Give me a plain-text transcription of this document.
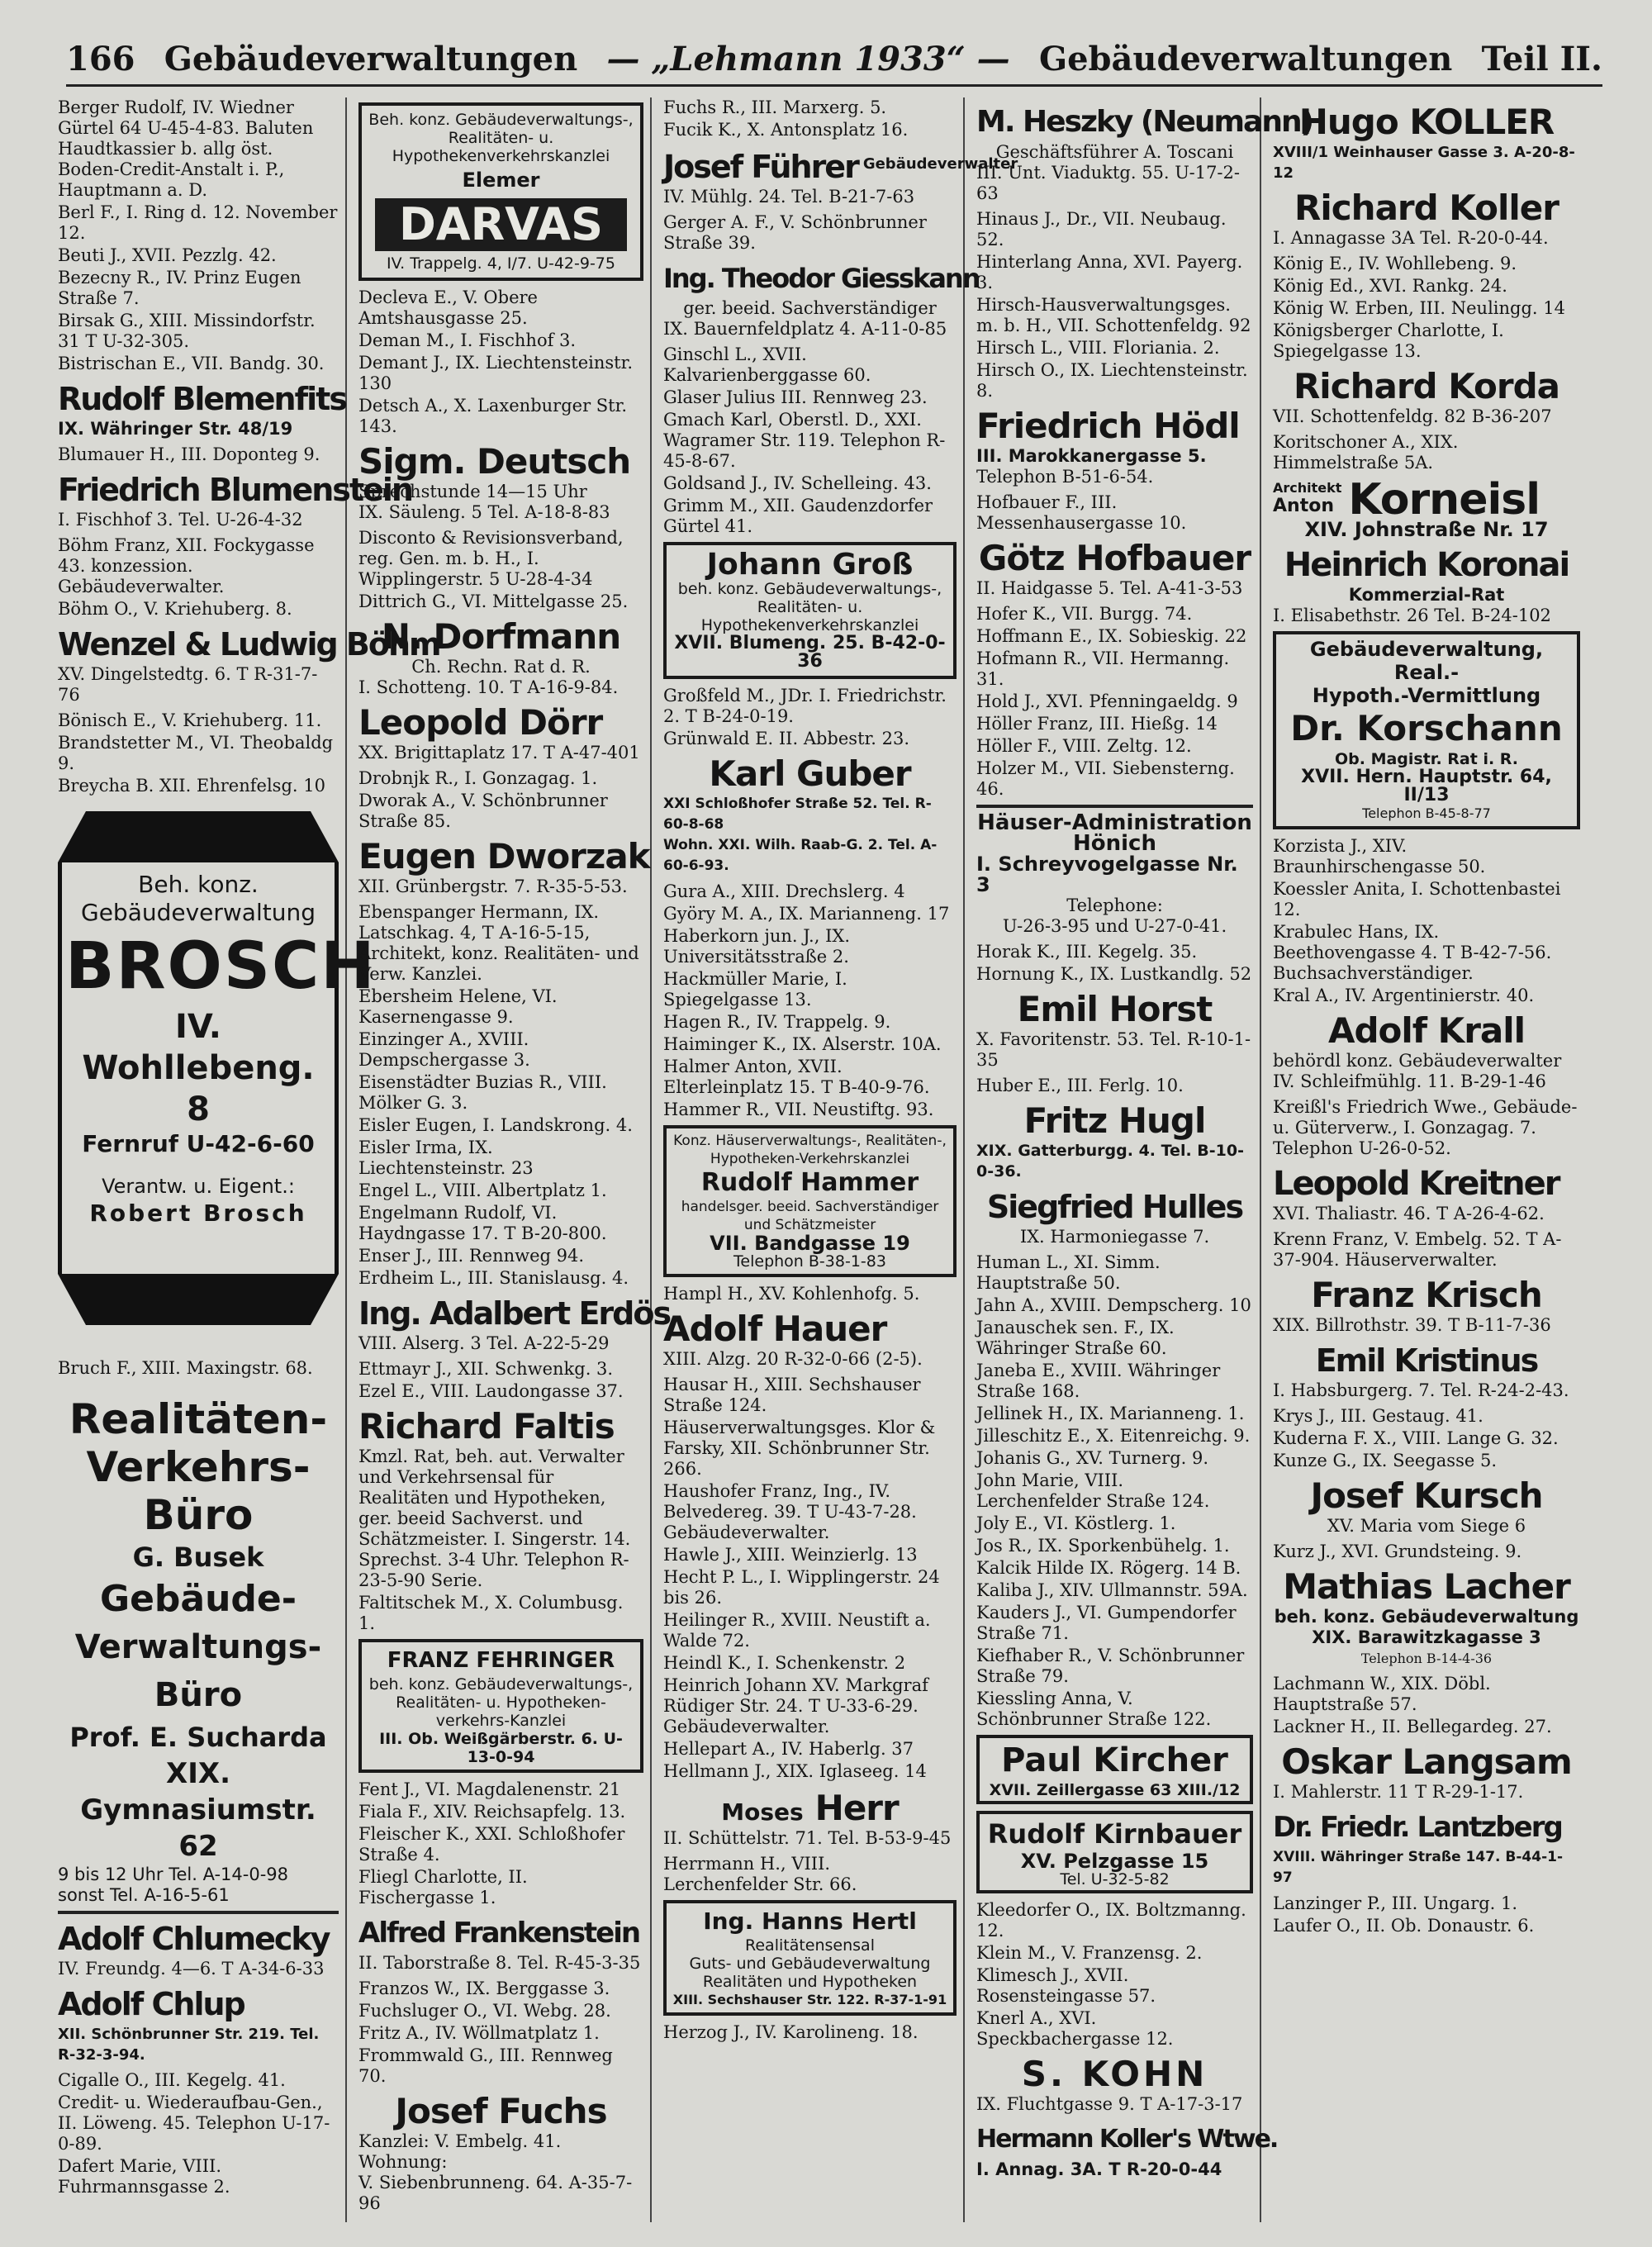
166 Gebäudeverwaltungen — „Lehmann 1933“ — Gebäudeverwaltungen Teil II.

Berger Rudolf, IV. Wiedner Gürtel 64 U-45-4-83. Baluten Haudtkassier b. allg öst. Boden-Credit-Anstalt i. P., Hauptmann a. D.

Berl F., I. Ring d. 12. November 12.

Beuti J., XVII. Pezzlg. 42.

Bezecny R., IV. Prinz Eugen Straße 7.

Birsak G., XIII. Missindorfstr. 31 T U-32-305.

Bistrischan E., VII. Bandg. 30.

Rudolf Blemenfits
IX. Währinger Str. 48/19

Blumauer H., III. Doponteg 9.

Friedrich Blumenstein
I. Fischhof 3. Tel. U-26-4-32

Böhm Franz, XII. Fockygasse 43. konzession. Gebäudeverwalter.

Böhm O., V. Kriehuberg. 8.

Wenzel & Ludwig Böhm
XV. Dingelstedtg. 6. T R-31-7-76

Bönisch E., V. Kriehuberg. 11.

Brandstetter M., VI. Theobaldg 9.

Breycha B. XII. Ehrenfelsg. 10

Beh. konz.
Gebäudeverwaltung
BROSCH
IV. Wohllebeng. 8
Fernruf U-42-6-60
Verantw. u. Eigent.:
Robert Brosch

Bruch F., XIII. Maxingstr. 68.

Realitäten-
Verkehrs-Büro
G. Busek
Gebäude-
Verwaltungs-Büro
Prof. E. Sucharda
XIX. Gymnasiumstr. 62
9 bis 12 Uhr Tel. A-14-0-98
sonst Tel. A-16-5-61
Adolf Chlumecky
IV. Freundg. 4—6. T A-34-6-33
Adolf Chlup
XII. Schönbrunner Str. 219. Tel. R-32-3-94.

Cigalle O., III. Kegelg. 41.

Credit- u. Wiederaufbau-Gen., II. Löweng. 45. Telephon U-17-0-89.

Dafert Marie, VIII. Fuhrmannsgasse 2.

Beh. konz. Gebäudeverwaltungs-,
Realitäten- u. Hypothekenverkehrskanzlei
Elemer
DARVAS
IV. Trappelg. 4, I/7. U-42-9-75

Decleva E., V. Obere Amtshausgasse 25.

Deman M., I. Fischhof 3.

Demant J., IX. Liechtensteinstr. 130

Detsch A., X. Laxenburger Str. 143.

Sigm. Deutsch
Sprechstunde 14—15 Uhr
IX. Säuleng. 5 Tel. A-18-8-83

Disconto & Revisionsverband, reg. Gen. m. b. H., I. Wipplingerstr. 5 U-28-4-34

Dittrich G., VI. Mittelgasse 25.

N. Dorfmann
Ch. Rechn. Rat d. R.
I. Schotteng. 10. T A-16-9-84.
Leopold Dörr
XX. Brigittaplatz 17. T A-47-401

Drobnjk R., I. Gonzagag. 1.

Dworak A., V. Schönbrunner Straße 85.

Eugen Dworzak
XII. Grünbergstr. 7. R-35-5-53.

Ebenspanger Hermann, IX. Latschkag. 4, T A-16-5-15, Architekt, konz. Realitäten- und Verw. Kanzlei.

Ebersheim Helene, VI. Kasernengasse 9.

Einzinger A., XVIII. Dempschergasse 3.

Eisenstädter Buzias R., VIII. Mölker G. 3.

Eisler Eugen, I. Landskrong. 4.

Eisler Irma, IX. Liechtensteinstr. 23

Engel L., VIII. Albertplatz 1.

Engelmann Rudolf, VI. Haydngasse 17. T B-20-800.

Enser J., III. Rennweg 94.

Erdheim L., III. Stanislausg. 4.

Ing. Adalbert Erdös
VIII. Alserg. 3 Tel. A-22-5-29

Ettmayr J., XII. Schwenkg. 3.

Ezel E., VIII. Laudongasse 37.

Richard Faltis

Kmzl. Rat, beh. aut. Verwalter und Verkehrsensal für Realitäten und Hypotheken, ger. beeid Sachverst. und Schätzmeister. I. Singerstr. 14. Sprechst. 3-4 Uhr. Telephon R-23-5-90 Serie.

Faltitschek M., X. Columbusg. 1.

FRANZ FEHRINGER
beh. konz. Gebäudeverwaltungs-,
Realitäten- u. Hypotheken-
verkehrs-Kanzlei
III. Ob. Weißgärberstr. 6. U-13-0-94

Fent J., VI. Magdalenenstr. 21

Fiala F., XIV. Reichsapfelg. 13.

Fleischer K., XXI. Schloßhofer Straße 4.

Fliegl Charlotte, II. Fischergasse 1.

Alfred Frankenstein
II. Taborstraße 8. Tel. R-45-3-35

Franzos W., IX. Berggasse 3.

Fuchsluger O., VI. Webg. 28.

Fritz A., IV. Wöllmatplatz 1.

Frommwald G., III. Rennweg 70.

Josef Fuchs
Kanzlei: V. Embelg. 41. Wohnung:
V. Siebenbrunneng. 64. A-35-7-96

Fuchs R., III. Marxerg. 5.

Fucik K., X. Antonsplatz 16.

Josef Führer Gebäudeverwalter
IV. Mühlg. 24. Tel. B-21-7-63

Gerger A. F., V. Schönbrunner Straße 39.

Ing. Theodor Giesskann
ger. beeid. Sachverständiger
IX. Bauernfeldplatz 4. A-11-0-85

Ginschl L., XVII. Kalvarienberggasse 60.

Glaser Julius III. Rennweg 23.

Gmach Karl, Oberstl. D., XXI. Wagramer Str. 119. Telephon R-45-8-67.

Goldsand J., IV. Schelleing. 43.

Grimm M., XII. Gaudenzdorfer Gürtel 41.

Johann Groß
beh. konz. Gebäudeverwaltungs-,
Realitäten- u. Hypothekenverkehrskanzlei
XVII. Blumeng. 25. B-42-0-36

Großfeld M., JDr. I. Friedrichstr. 2. T B-24-0-19.

Grünwald E. II. Abbestr. 23.

Karl Guber
XXI Schloßhofer Straße 52. Tel. R-60-8-68
Wohn. XXI. Wilh. Raab-G. 2. Tel. A-60-6-93.

Gura A., XIII. Drechslerg. 4

Györy M. A., IX. Marianneng. 17

Haberkorn jun. J., IX. Universitätsstraße 2.

Hackmüller Marie, I. Spiegelgasse 13.

Hagen R., IV. Trappelg. 9.

Haiminger K., IX. Alserstr. 10A.

Halmer Anton, XVII. Elterleinplatz 15. T B-40-9-76.

Hammer R., VII. Neustiftg. 93.

Konz. Häuserverwaltungs-, Realitäten-, Hypotheken-Verkehrskanzlei
Rudolf Hammer
handelsger. beeid. Sachverständiger und Schätzmeister
VII. Bandgasse 19
Telephon B-38-1-83

Hampl H., XV. Kohlenhofg. 5.

Adolf Hauer
XIII. Alzg. 20 R-32-0-66 (2-5).

Hausar H., XIII. Sechshauser Straße 124.

Häuserverwaltungsges. Klor & Farsky, XII. Schönbrunner Str. 266.

Haushofer Franz, Ing., IV. Belvedereg. 39. T U-43-7-28. Gebäudeverwalter.

Hawle J., XIII. Weinzierlg. 13

Hecht P. L., I. Wipplingerstr. 24 bis 26.

Heilinger R., XVIII. Neustift a. Walde 72.

Heindl K., I. Schenkenstr. 2

Heinrich Johann XV. Markgraf Rüdiger Str. 24. T U-33-6-29. Gebäudeverwalter.

Hellepart A., IV. Haberlg. 37

Hellmann J., XIX. Iglaseeg. 14

Moses Herr
II. Schüttelstr. 71. Tel. B-53-9-45

Herrmann H., VIII. Lerchenfelder Str. 66.

Ing. Hanns Hertl
Realitätensensal
Guts- und Gebäudeverwaltung
Realitäten und Hypotheken
XIII. Sechshauser Str. 122. R-37-1-91

Herzog J., IV. Karolineng. 18.

M. Heszky (Neumann)
Geschäftsführer A. Toscani
III. Unt. Viaduktg. 55. U-17-2-63

Hinaus J., Dr., VII. Neubaug. 52.

Hinterlang Anna, XVI. Payerg. 3.

Hirsch-Hausverwaltungsges. m. b. H., VII. Schottenfeldg. 92

Hirsch L., VIII. Floriania. 2.

Hirsch O., IX. Liechtensteinstr. 8.

Friedrich Hödl
III. Marokkanergasse 5.
Telephon B-51-6-54.

Hofbauer F., III. Messenhausergasse 10.

Götz Hofbauer
II. Haidgasse 5. Tel. A-41-3-53

Hofer K., VII. Burgg. 74.

Hoffmann E., IX. Sobieskig. 22

Hofmann R., VII. Hermanng. 31.

Hold J., XVI. Pfenningaeldg. 9

Höller Franz, III. Hießg. 14

Höller F., VIII. Zeltg. 12.

Holzer M., VII. Siebensterng. 46.

Häuser-Administration Hönich
I. Schreyvogelgasse Nr. 3
Telephone:
U-26-3-95 und U-27-0-41.

Horak K., III. Kegelg. 35.

Hornung K., IX. Lustkandlg. 52

Emil Horst
X. Favoritenstr. 53. Tel. R-10-1-35

Huber E., III. Ferlg. 10.

Fritz Hugl
XIX. Gatterburgg. 4. Tel. B-10-0-36.
Siegfried Hulles
IX. Harmoniegasse 7.

Human L., XI. Simm. Hauptstraße 50.

Jahn A., XVIII. Dempscherg. 10

Janauschek sen. F., IX. Währinger Straße 60.

Janeba E., XVIII. Währinger Straße 168.

Jellinek H., IX. Marianneng. 1.

Jilleschitz E., X. Eitenreichg. 9.

Johanis G., XV. Turnerg. 9.

John Marie, VIII. Lerchenfelder Straße 124.

Joly E., VI. Köstlerg. 1.

Jos R., IX. Sporkenbühelg. 1.

Kalcik Hilde IX. Rögerg. 14 B.

Kaliba J., XIV. Ullmannstr. 59A.

Kauders J., VI. Gumpendorfer Straße 71.

Kiefhaber R., V. Schönbrunner Straße 79.

Kiessling Anna, V. Schönbrunner Straße 122.

Paul Kircher
XVII. Zeillergasse 63 XIII./12
Rudolf Kirnbauer
XV. Pelzgasse 15
Tel. U-32-5-82

Kleedorfer O., IX. Boltzmanng. 12.

Klein M., V. Franzensg. 2.

Klimesch J., XVII. Rosensteingasse 57.

Knerl A., XVI. Speckbachergasse 12.

S. KOHN
IX. Fluchtgasse 9. T A-17-3-17
Hermann Koller's Wtwe.
I. Annag. 3A. T R-20-0-44
Hugo KOLLER
XVIII/1 Weinhauser Gasse 3. A-20-8-12
Richard Koller
I. Annagasse 3A Tel. R-20-0-44.

König E., IV. Wohllebeng. 9.

König Ed., XVI. Rankg. 24.

König W. Erben, III. Neulingg. 14

Königsberger Charlotte, I. Spiegelgasse 13.

Richard Korda
VII. Schottenfeldg. 82 B-36-207

Koritschoner A., XIX. Himmelstraße 5A.

Architekt
Anton Korneisl
XIV. Johnstraße Nr. 17
Heinrich Koronai
Kommerzial-Rat
I. Elisabethstr. 26 Tel. B-24-102
Gebäudeverwaltung, Real.-
Hypoth.-Vermittlung
Dr. Korschann
Ob. Magistr. Rat i. R.
XVII. Hern. Hauptstr. 64, II/13
Telephon B-45-8-77

Korzista J., XIV. Braunhirschengasse 50.

Koessler Anita, I. Schottenbastei 12.

Krabulec Hans, IX. Beethovengasse 4. T B-42-7-56. Buchsachverständiger.

Kral A., IV. Argentinierstr. 40.

Adolf Krall
behördl konz. Gebäudeverwalter IV. Schleifmühlg. 11. B-29-1-46

Kreißl's Friedrich Wwe., Gebäude- u. Güterverw., I. Gonzagag. 7. Telephon U-26-0-52.

Leopold Kreitner
XVI. Thaliastr. 46. T A-26-4-62.

Krenn Franz, V. Embelg. 52. T A-37-904. Häuserverwalter.

Franz Krisch
XIX. Billrothstr. 39. T B-11-7-36
Emil Kristinus
I. Habsburgerg. 7. Tel. R-24-2-43.

Krys J., III. Gestaug. 41.

Kuderna F. X., VIII. Lange G. 32.

Kunze G., IX. Seegasse 5.

Josef Kursch
XV. Maria vom Siege 6

Kurz J., XVI. Grundsteing. 9.

Mathias Lacher
beh. konz. Gebäudeverwaltung
XIX. Barawitzkagasse 3
Telephon B-14-4-36

Lachmann W., XIX. Döbl. Hauptstraße 57.

Lackner H., II. Bellegardeg. 27.

Oskar Langsam
I. Mahlerstr. 11 T R-29-1-17.
Dr. Friedr. Lantzberg
XVIII. Währinger Straße 147. B-44-1-97

Lanzinger P., III. Ungarg. 1.

Laufer O., II. Ob. Donaustr. 6.
